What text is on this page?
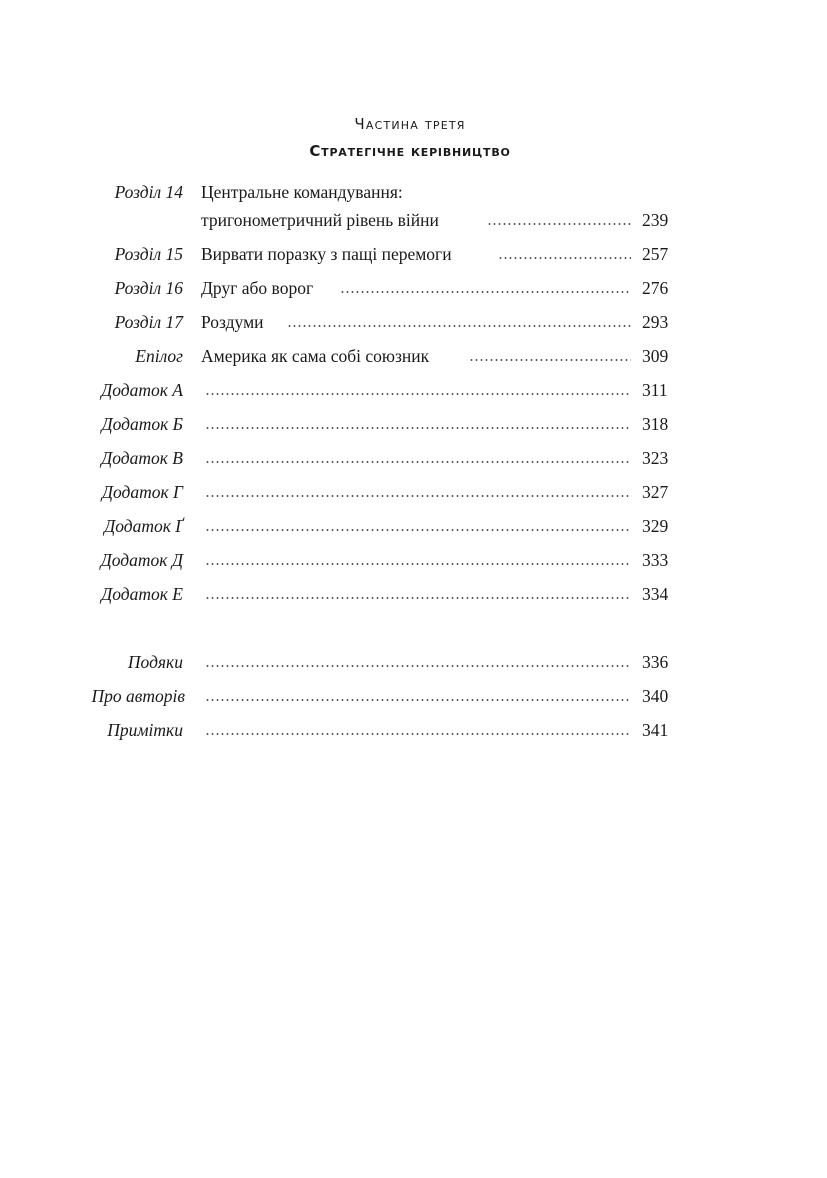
Частина третя
Стратегічне керівництво
Розділ 14 Центральне командування:
тригонометричний рівень війни	239
Розділ 15 Вирвати поразку з пащі перемоги	257
Розділ 16 Друг або ворог	276
Розділ 17 Роздуми	293
Епілог Америка як сама собі союзник	309
Додаток А	311
Додаток Б	318
Додаток В	323
Додаток Г	327
Додаток Ґ	329
Додаток Д	333
Додаток Е	334
Подяки	336
Про авторів	340
Примітки	341
